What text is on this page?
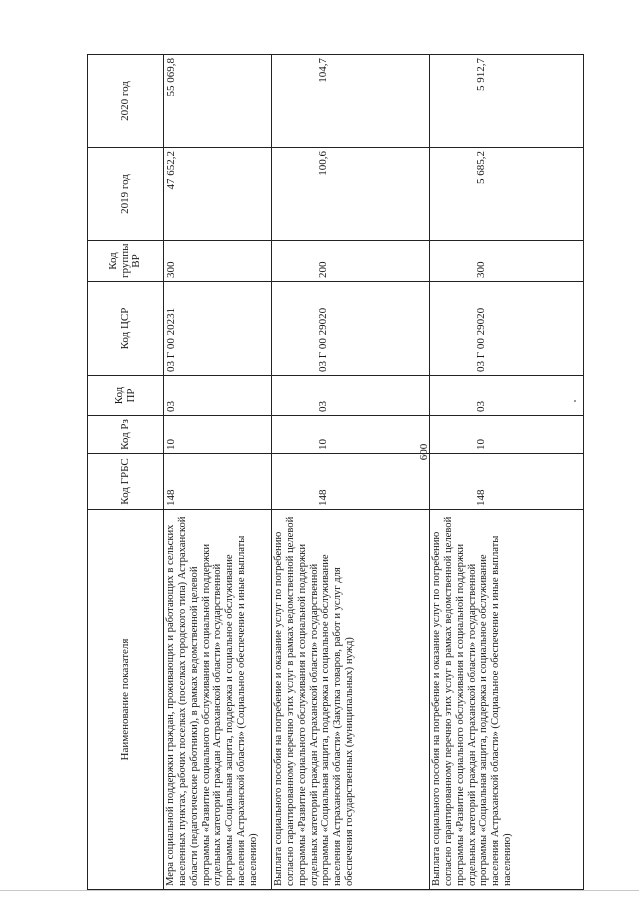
600
Наименование показателя	Код ГРБС	Код Рз	Код ПР	Код ЦСР	Код группы ВР	2019 год	2020 год
Мера социальной поддержки граждан, проживающих и работающих в сельских населенных пунктах, рабочих поселках (поселках городского типа) Астраханской области (педагогические работники), в рамках ведомственной целевой программы «Развитие социального обслуживания и социальной поддержки отдельных категорий граждан Астраханской области» государственной программы «Социальная защита, поддержка и социальное обслуживание населения Астраханской области» (Социальное обеспечение и иные выплаты населению)	148	10	03	03 Г 00 20231	300	47 652,2	55 069,8
Выплата социального пособия на погребение и оказание услуг по погребению согласно гарантированному перечню этих услуг в рамках ведомственной целевой программы «Развитие социального обслуживания и социальной поддержки отдельных категорий граждан Астраханской области» государственной программы «Социальная защита, поддержка и социальное обслуживание населения Астраханской области» (Закупка товаров, работ и услуг для обеспечения государственных (муниципальных) нужд)	148	10	03	03 Г 00 29020	200	100,6	104,7
Выплата социального пособия на погребение и оказание услуг по погребению согласно гарантированному перечню этих услуг в рамках ведомственной целевой программы «Развитие социального обслуживания и социальной поддержки отдельных категорий граждан Астраханской области» государственной программы «Социальная защита, поддержка и социальное обслуживание населения Астраханской области» (Социальное обеспечение и иные выплаты населению)	148	10	03	03 Г 00 29020	300	5 685,2	5 912,7
